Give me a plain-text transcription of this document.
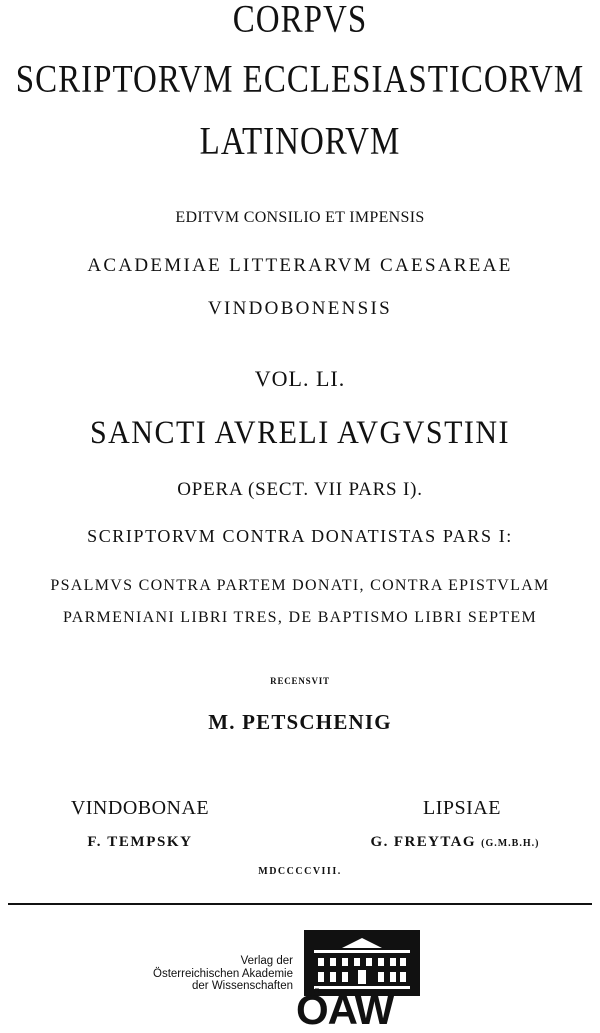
CORPVS
SCRIPTORVM ECCLESIASTICORVM
LATINORVM
EDITVM CONSILIO ET IMPENSIS
ACADEMIAE LITTERARVM CAESAREAE
VINDOBONENSIS
VOL. LI.
SANCTI AVRELI AVGVSTINI
OPERA (SECT. VII PARS I).
SCRIPTORVM CONTRA DONATISTAS PARS I:
PSALMVS CONTRA PARTEM DONATI, CONTRA EPISTVLAM
PARMENIANI LIBRI TRES, DE BAPTISMO LIBRI SEPTEM
RECENSVIT
M. PETSCHENIG
VINDOBONAE
F. TEMPSKY
LIPSIAE
G. FREYTAG (G.M.B.H.)
MDCCCCVIII.
Verlag der
Österreichischen Akademie
der Wissenschaften ÖAW
